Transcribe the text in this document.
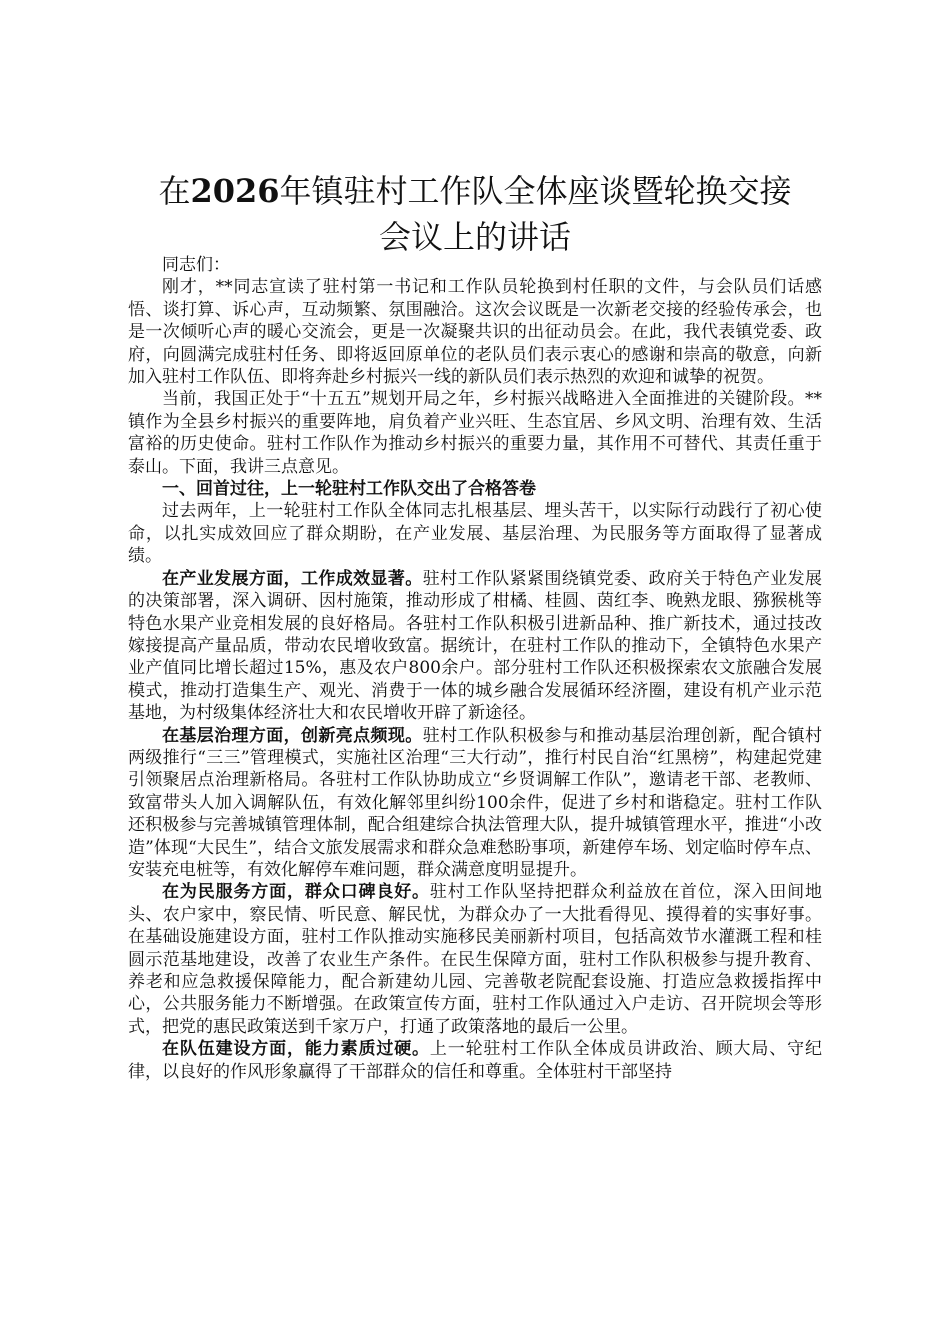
在2026年镇驻村工作队全体座谈暨轮换交接
会议上的讲话

同志们：

刚才，**同志宣读了驻村第一书记和工作队员轮换到村任职的文件，与会队员们话感悟、谈打算、诉心声，互动频繁、氛围融洽。这次会议既是一次新老交接的经验传承会，也是一次倾听心声的暖心交流会，更是一次凝聚共识的出征动员会。在此，我代表镇党委、政府，向圆满完成驻村任务、即将返回原单位的老队员们表示衷心的感谢和崇高的敬意，向新加入驻村工作队伍、即将奔赴乡村振兴一线的新队员们表示热烈的欢迎和诚挚的祝贺。

当前，我国正处于“十五五”规划开局之年，乡村振兴战略进入全面推进的关键阶段。**镇作为全县乡村振兴的重要阵地，肩负着产业兴旺、生态宜居、乡风文明、治理有效、生活富裕的历史使命。驻村工作队作为推动乡村振兴的重要力量，其作用不可替代、其责任重于泰山。下面，我讲三点意见。

一、回首过往，上一轮驻村工作队交出了合格答卷

过去两年，上一轮驻村工作队全体同志扎根基层、埋头苦干，以实际行动践行了初心使命，以扎实成效回应了群众期盼，在产业发展、基层治理、为民服务等方面取得了显著成绩。

在产业发展方面，工作成效显著。驻村工作队紧紧围绕镇党委、政府关于特色产业发展的决策部署，深入调研、因村施策，推动形成了柑橘、桂圆、茵红李、晚熟龙眼、猕猴桃等特色水果产业竞相发展的良好格局。各驻村工作队积极引进新品种、推广新技术，通过技改嫁接提高产量品质，带动农民增收致富。据统计，在驻村工作队的推动下，全镇特色水果产业产值同比增长超过15%，惠及农户800余户。部分驻村工作队还积极探索农文旅融合发展模式，推动打造集生产、观光、消费于一体的城乡融合发展循环经济圈，建设有机产业示范基地，为村级集体经济壮大和农民增收开辟了新途径。

在基层治理方面，创新亮点频现。驻村工作队积极参与和推动基层治理创新，配合镇村两级推行“三三”管理模式，实施社区治理“三大行动”，推行村民自治“红黑榜”，构建起党建引领聚居点治理新格局。各驻村工作队协助成立“乡贤调解工作队”，邀请老干部、老教师、致富带头人加入调解队伍，有效化解邻里纠纷100余件，促进了乡村和谐稳定。驻村工作队还积极参与完善城镇管理体制，配合组建综合执法管理大队，提升城镇管理水平，推进“小改造”体现“大民生”，结合文旅发展需求和群众急难愁盼事项，新建停车场、划定临时停车点、安装充电桩等，有效化解停车难问题，群众满意度明显提升。

在为民服务方面，群众口碑良好。驻村工作队坚持把群众利益放在首位，深入田间地头、农户家中，察民情、听民意、解民忧，为群众办了一大批看得见、摸得着的实事好事。在基础设施建设方面，驻村工作队推动实施移民美丽新村项目，包括高效节水灌溉工程和桂圆示范基地建设，改善了农业生产条件。在民生保障方面，驻村工作队积极参与提升教育、养老和应急救援保障能力，配合新建幼儿园、完善敬老院配套设施、打造应急救援指挥中心，公共服务能力不断增强。在政策宣传方面，驻村工作队通过入户走访、召开院坝会等形式，把党的惠民政策送到千家万户，打通了政策落地的最后一公里。

在队伍建设方面，能力素质过硬。上一轮驻村工作队全体成员讲政治、顾大局、守纪律，以良好的作风形象赢得了干部群众的信任和尊重。全体驻村干部坚持
